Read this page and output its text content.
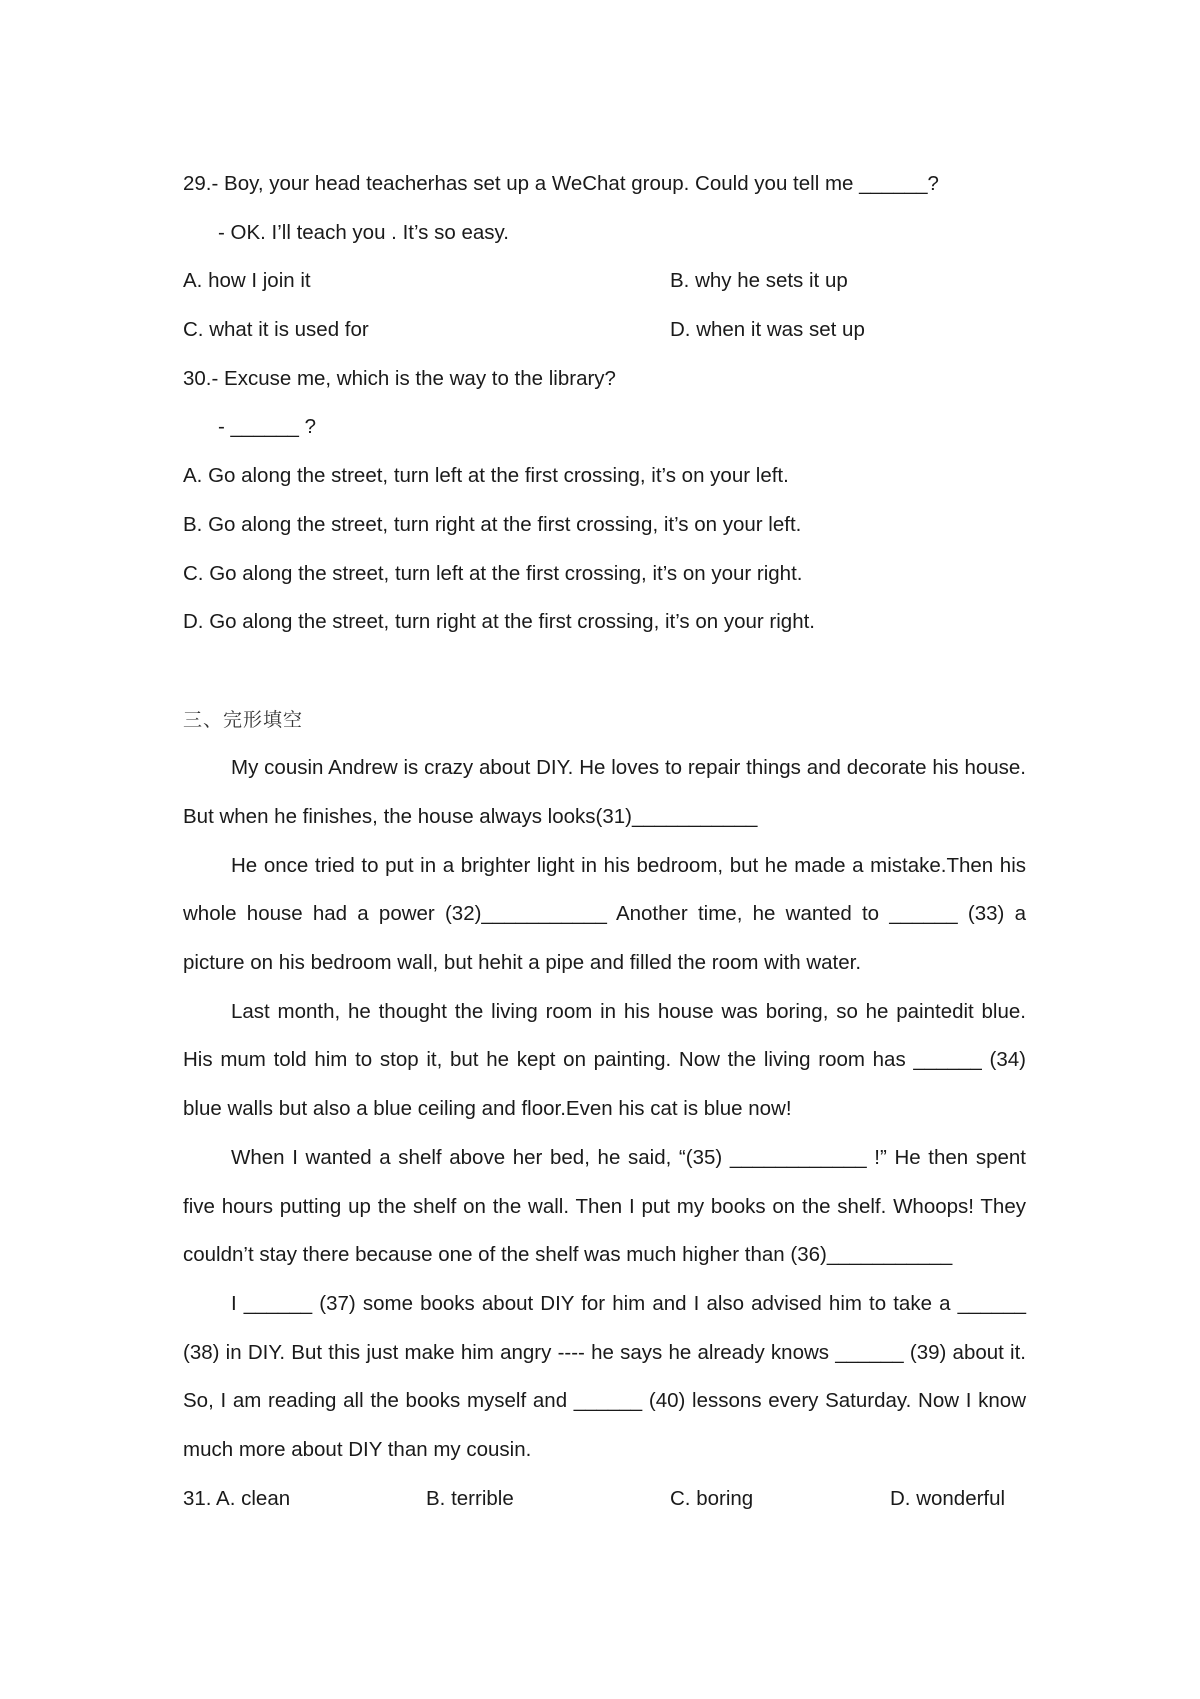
29.- Boy, your head teacherhas set up a WeChat group. Could you tell me ______?
- OK. I’ll teach you . It’s so easy.
A. how I join it	B. why he sets it up
C. what it is used for	D. when it was set up
30.- Excuse me, which is the way to the library?
- ______ ?
A. Go along the street, turn left at the first crossing, it’s on your left.
B. Go along the street, turn right at the first crossing, it’s on your left.
C. Go along the street, turn left at the first crossing, it’s on your right.
D. Go along the street, turn right at the first crossing, it’s on your right.
三、完形填空
My cousin Andrew is crazy about DIY. He loves to repair things and decorate his house. But when he finishes, the house always looks(31)___________
He once tried to put in a brighter light in his bedroom, but he made a mistake.Then his whole house had a power (32)___________ Another time, he wanted to ______ (33) a picture on his bedroom wall, but hehit a pipe and filled the room with water.
Last month, he thought the living room in his house was boring, so he paintedit blue. His mum told him to stop it, but he kept on painting. Now the living room has ______ (34) blue walls but also a blue ceiling and floor.Even his cat is blue now!
When I wanted a shelf above her bed, he said, “(35) ____________ !” He then spent five hours putting up the shelf on the wall. Then I put my books on the shelf. Whoops! They couldn’t stay there because one of the shelf was much higher than (36)___________
I ______ (37) some books about DIY for him and I also advised him to take a ______ (38) in DIY. But this just make him angry ---- he says he already knows ______ (39) about it. So, I am reading all the books myself and ______ (40) lessons every Saturday. Now I know much more about DIY than my cousin.
31. A. clean	B. terrible	C. boring	D. wonderful
